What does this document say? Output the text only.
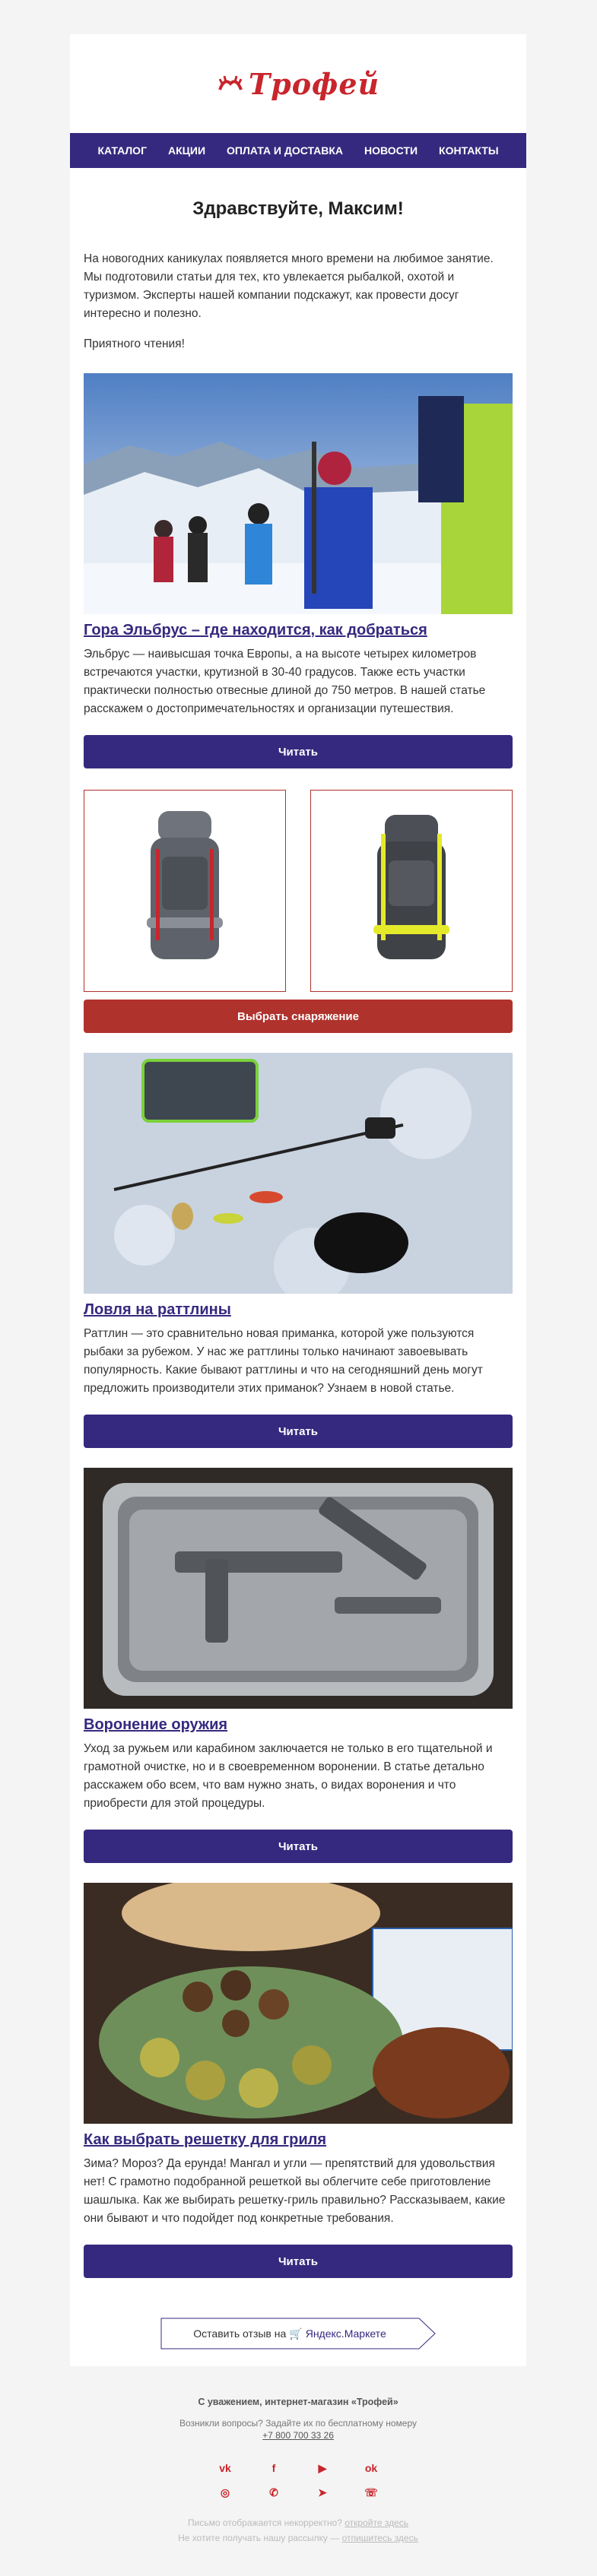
Трофей
КАТАЛОГ АКЦИИ ОПЛАТА И ДОСТАВКА НОВОСТИ КОНТАКТЫ
Здравствуйте, Максим!

На новогодних каникулах появляется много времени на любимое занятие. Мы подготовили статьи для тех, кто увлекается рыбалкой, охотой и туризмом. Эксперты нашей компании подскажут, как провести досуг интересно и полезно.

Приятного чтения!

Гора Эльбрус – где находится, как добраться

Эльбрус — наивысшая точка Европы, а на высоте четырех километров встречаются участки, крутизной в 30-40 градусов. Также есть участки практически полностью отвесные длиной до 750 метров. В нашей статье расскажем о достопримечательностях и организации путешествия.

Читать
Выбрать снаряжение
Ловля на раттлины

Раттлин — это сравнительно новая приманка, которой уже пользуются рыбаки за рубежом. У нас же раттлины только начинают завоевывать популярность. Какие бывают раттлины и что на сегодняшний день могут предложить производители этих приманок? Узнаем в новой статье.

Читать
Воронение оружия

Уход за ружьем или карабином заключается не только в его тщательной и грамотной очистке, но и в своевременном воронении. В статье детально расскажем обо всем, что вам нужно знать, о видах воронения и что приобрести для этой процедуры.

Читать
Как выбрать решетку для гриля

Зима? Мороз? Да ерунда! Мангал и угли — препятствий для удовольствия нет! С грамотно подобранной решеткой вы облегчите себе приготовление шашлыка. Как же выбирать решетку-гриль правильно? Рассказываем, какие они бывают и что подойдет под конкретные требования.

Читать
Оставить отзыв на 🛒 Яндекс.Маркете
С уважением, интернет-магазин «Трофей»
Возникли вопросы? Задайте их по бесплатному номеру
+7 800 700 33 26
vk	f	▶	ok
◎	✆	➤	☏
Письмо отображается некорректно? откройте здесь
Не хотите получать нашу рассылку — отпишитесь здесь
